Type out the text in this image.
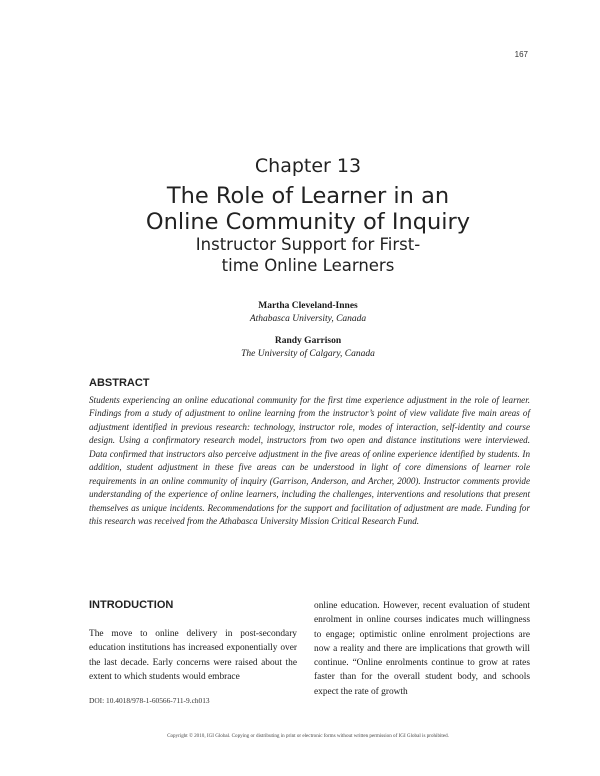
167
Chapter 13
The Role of Learner in an
Online Community of Inquiry
Instructor Support for First-
time Online Learners
Martha Cleveland-Innes
Athabasca University, Canada
Randy Garrison
The University of Calgary, Canada
ABSTRACT
Students experiencing an online educational community for the first time experience adjustment in the role of learner. Findings from a study of adjustment to online learning from the instructor’s point of view validate five main areas of adjustment identified in previous research: technology, instructor role, modes of interaction, self-identity and course design. Using a confirmatory research model, instructors from two open and distance institutions were interviewed. Data confirmed that instructors also perceive adjustment in the five areas of online experience identified by students. In addition, student adjustment in these five areas can be understood in light of core dimensions of learner role requirements in an online community of inquiry (Garrison, Anderson, and Archer, 2000). Instructor comments provide understanding of the experience of online learners, including the challenges, interventions and resolutions that present themselves as unique incidents. Recommendations for the support and facilitation of adjustment are made. Funding for this research was received from the Athabasca University Mission Critical Research Fund.
INTRODUCTION
The move to online delivery in post-secondary education institutions has increased exponentially over the last decade. Early concerns were raised about the extent to which students would embrace
online education. However, recent evaluation of student enrolment in online courses indicates much willingness to engage; optimistic online enrolment projections are now a reality and there are implications that growth will continue. “Online enrolments continue to grow at rates faster than for the overall student body, and schools expect the rate of growth
DOI: 10.4018/978-1-60566-711-9.ch013
Copyright © 2010, IGI Global. Copying or distributing in print or electronic forms without written permission of IGI Global is prohibited.
